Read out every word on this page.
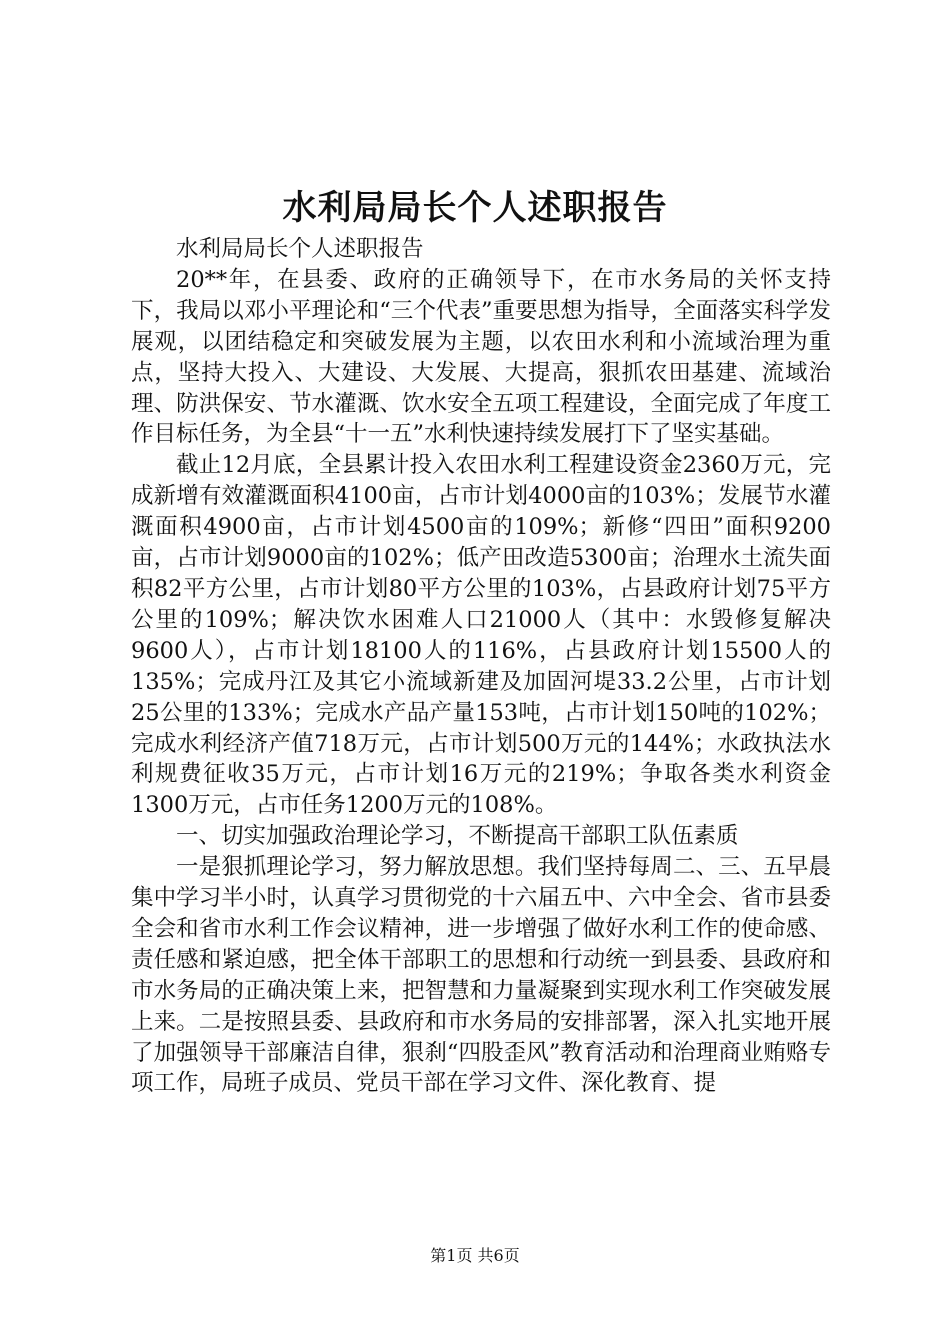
水利局局长个人述职报告

水利局局长个人述职报告

20**年，在县委、政府的正确领导下，在市水务局的关怀支持下，我局以邓小平理论和“三个代表”重要思想为指导，全面落实科学发展观，以团结稳定和突破发展为主题，以农田水利和小流域治理为重点，坚持大投入、大建设、大发展、大提高，狠抓农田基建、流域治理、防洪保安、节水灌溉、饮水安全五项工程建设，全面完成了年度工作目标任务，为全县“十一五”水利快速持续发展打下了坚实基础。

截止12月底，全县累计投入农田水利工程建设资金2360万元，完成新增有效灌溉面积4100亩，占市计划4000亩的103%；发展节水灌溉面积4900亩，占市计划4500亩的109%；新修“四田”面积9200亩，占市计划9000亩的102%；低产田改造5300亩；治理水土流失面积82平方公里，占市计划80平方公里的103%，占县政府计划75平方公里的109%；解决饮水困难人口21000人（其中：水毁修复解决9600人），占市计划18100人的116%，占县政府计划15500人的135%；完成丹江及其它小流域新建及加固河堤33.2公里，占市计划25公里的133%；完成水产品产量153吨，占市计划150吨的102%；完成水利经济产值718万元，占市计划500万元的144%；水政执法水利规费征收35万元，占市计划16万元的219%；争取各类水利资金1300万元，占市任务1200万元的108%。

一、切实加强政治理论学习，不断提高干部职工队伍素质

一是狠抓理论学习，努力解放思想。我们坚持每周二、三、五早晨集中学习半小时，认真学习贯彻党的十六届五中、六中全会、省市县委全会和省市水利工作会议精神，进一步增强了做好水利工作的使命感、责任感和紧迫感，把全体干部职工的思想和行动统一到县委、县政府和市水务局的正确决策上来，把智慧和力量凝聚到实现水利工作突破发展上来。二是按照县委、县政府和市水务局的安排部署，深入扎实地开展了加强领导干部廉洁自律，狠刹“四股歪风”教育活动和治理商业贿赂专项工作，局班子成员、党员干部在学习文件、深化教育、提

第1页 共6页
